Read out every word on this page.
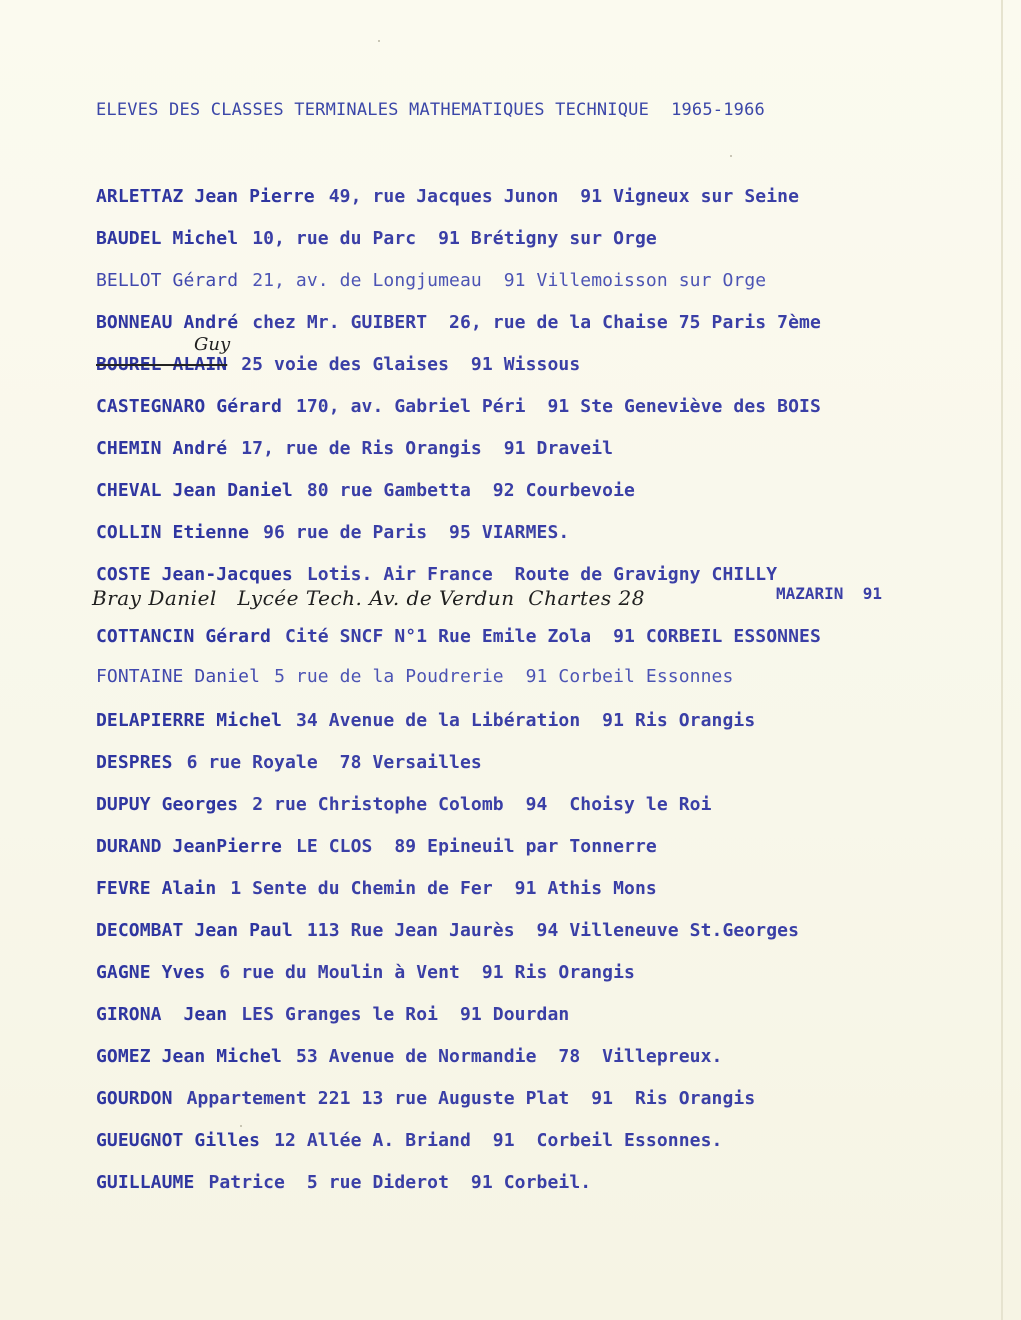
ELEVES DES CLASSES TERMINALES MATHEMATIQUES TECHNIQUE 1965-1966
ARLETTAZ Jean Pierre 49, rue Jacques Junon  91 Vigneux sur Seine
BAUDEL Michel 10, rue du Parc  91 Brétigny sur Orge
BELLOT Gérard 21, av. de Longjumeau  91 Villemoisson sur Orge
BONNEAU André chez Mr. GUIBERT  26, rue de la Chaise 75 Paris 7ème
Guy
BOUREL ALAIN 25 voie des Glaises  91 Wissous
CASTEGNARO Gérard 170, av. Gabriel Péri  91 Ste Geneviève des BOIS
CHEMIN André 17, rue de Ris Orangis  91 Draveil
CHEVAL Jean Daniel 80 rue Gambetta  92 Courbevoie
COLLIN Etienne 96 rue de Paris  95 VIARMES.
COSTE Jean-Jacques Lotis. Air France  Route de Gravigny CHILLY
Bray Daniel   Lycée Tech. Av. de Verdun  Chartes 28	MAZARIN  91
COTTANCIN Gérard Cité SNCF N°1 Rue Emile Zola  91 CORBEIL ESSONNES
FONTAINE Daniel 5 rue de la Poudrerie  91 Corbeil Essonnes
DELAPIERRE Michel 34 Avenue de la Libération  91 Ris Orangis
DESPRES 6 rue Royale  78 Versailles
DUPUY Georges 2 rue Christophe Colomb  94  Choisy le Roi
DURAND JeanPierre LE CLOS  89 Epineuil par Tonnerre
FEVRE Alain 1 Sente du Chemin de Fer  91 Athis Mons
DECOMBAT Jean Paul 113 Rue Jean Jaurès  94 Villeneuve St.Georges
GAGNE Yves 6 rue du Moulin à Vent  91 Ris Orangis
GIRONA  Jean LES Granges le Roi  91 Dourdan
GOMEZ Jean Michel 53 Avenue de Normandie  78  Villepreux.
GOURDON Appartement 221 13 rue Auguste Plat  91  Ris Orangis
GUEUGNOT Gilles 12 Allée A. Briand  91  Corbeil Essonnes.
GUILLAUME Patrice  5 rue Diderot  91 Corbeil.
